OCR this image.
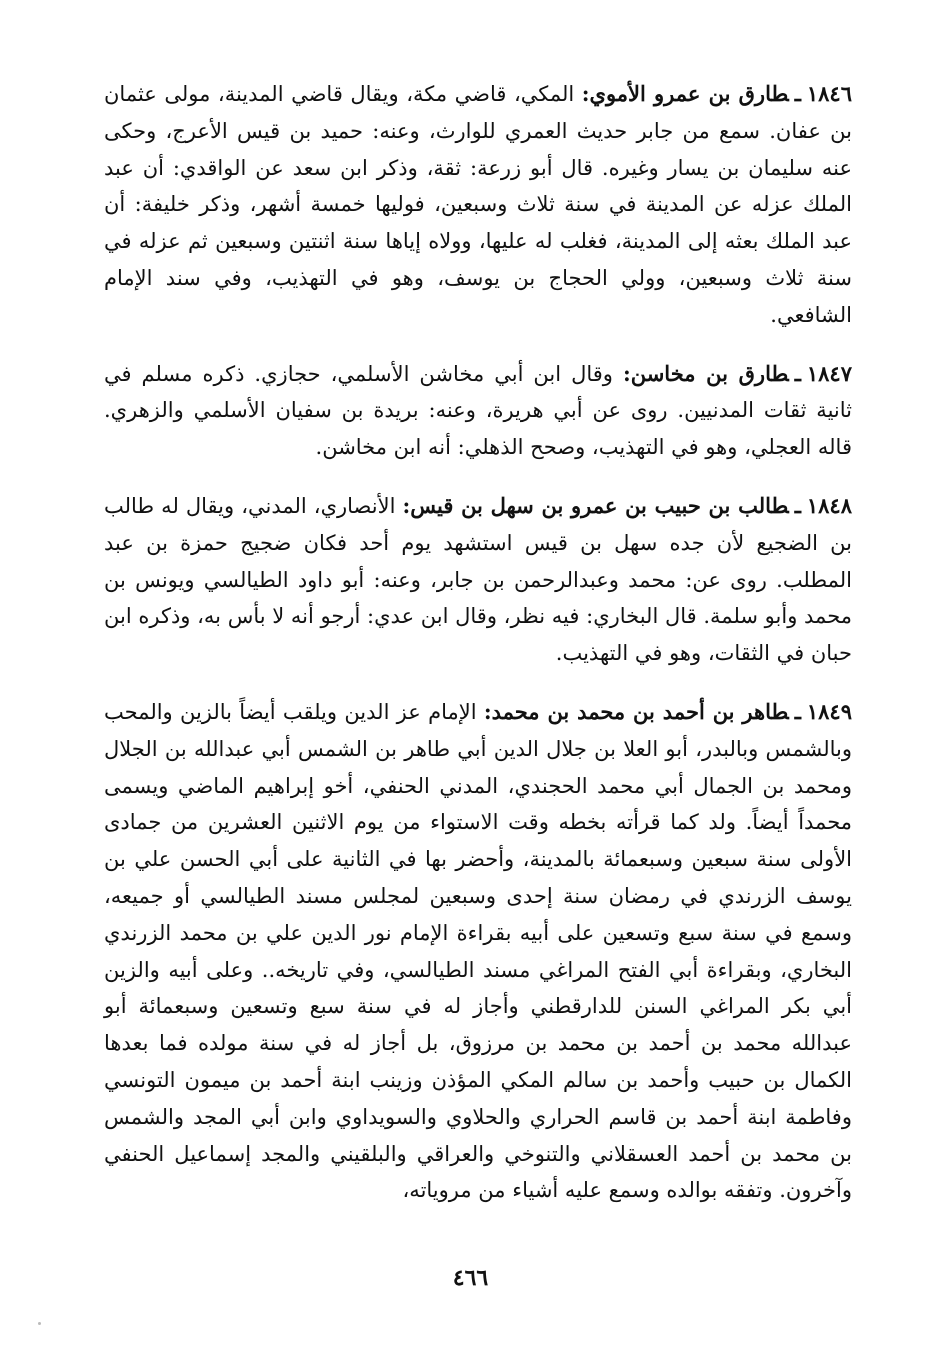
١٨٤٦ـطارق بن عمرو الأموي: المكي، قاضي مكة، ويقال قاضي المدينة، مولى عثمان بن عفان. سمع من جابر حديث العمري للوارث، وعنه: حميد بن قيس الأعرج، وحكى عنه سليمان بن يسار وغيره. قال أبو زرعة: ثقة، وذكر ابن سعد عن الواقدي: أن عبد الملك عزله عن المدينة في سنة ثلاث وسبعين، فوليها خمسة أشهر، وذكر خليفة: أن عبد الملك بعثه إلى المدينة، فغلب له عليها، وولاه إياها سنة اثنتين وسبعين ثم عزله في سنة ثلاث وسبعين، وولي الحجاج بن يوسف، وهو في التهذيب، وفي سند الإمام الشافعي.

١٨٤٧ـطارق بن مخاسن: وقال ابن أبي مخاشن الأسلمي، حجازي. ذكره مسلم في ثانية ثقات المدنيين. روى عن أبي هريرة، وعنه: بريدة بن سفيان الأسلمي والزهري. قاله العجلي، وهو في التهذيب، وصحح الذهلي: أنه ابن مخاشن.

١٨٤٨ـطالب بن حبيب بن عمرو بن سهل بن قيس: الأنصاري، المدني، ويقال له طالب بن الضجيع لأن جده سهل بن قيس استشهد يوم أحد فكان ضجيج حمزة بن عبد المطلب. روى عن: محمد وعبدالرحمن بن جابر، وعنه: أبو داود الطيالسي ويونس بن محمد وأبو سلمة. قال البخاري: فيه نظر، وقال ابن عدي: أرجو أنه لا بأس به، وذكره ابن حبان في الثقات، وهو في التهذيب.

١٨٤٩ـطاهر بن أحمد بن محمد بن محمد: الإمام عز الدين ويلقب أيضاً بالزين والمحب وبالشمس وبالبدر، أبو العلا بن جلال الدين أبي طاهر بن الشمس أبي عبدالله بن الجلال ومحمد بن الجمال أبي محمد الحجندي، المدني الحنفي، أخو إبراهيم الماضي ويسمى محمداً أيضاً. ولد كما قرأته بخطه وقت الاستواء من يوم الاثنين العشرين من جمادى الأولى سنة سبعين وسبعمائة بالمدينة، وأحضر بها في الثانية على أبي الحسن علي بن يوسف الزرندي في رمضان سنة إحدى وسبعين لمجلس مسند الطيالسي أو جميعه، وسمع في سنة سبع وتسعين على أبيه بقراءة الإمام نور الدين علي بن محمد الزرندي البخاري، وبقراءة أبي الفتح المراغي مسند الطيالسي، وفي تاريخه.. وعلى أبيه والزين أبي بكر المراغي السنن للدارقطني وأجاز له في سنة سبع وتسعين وسبعمائة أبو عبدالله محمد بن أحمد بن محمد بن مرزوق، بل أجاز له في سنة مولده فما بعدها الكمال بن حبيب وأحمد بن سالم المكي المؤذن وزينب ابنة أحمد بن ميمون التونسي وفاطمة ابنة أحمد بن قاسم الحراري والحلاوي والسويداوي وابن أبي المجد والشمس بن محمد بن أحمد العسقلاني والتنوخي والعراقي والبلقيني والمجد إسماعيل الحنفي وآخرون. وتفقه بوالده وسمع عليه أشياء من مروياته،

٤٦٦
